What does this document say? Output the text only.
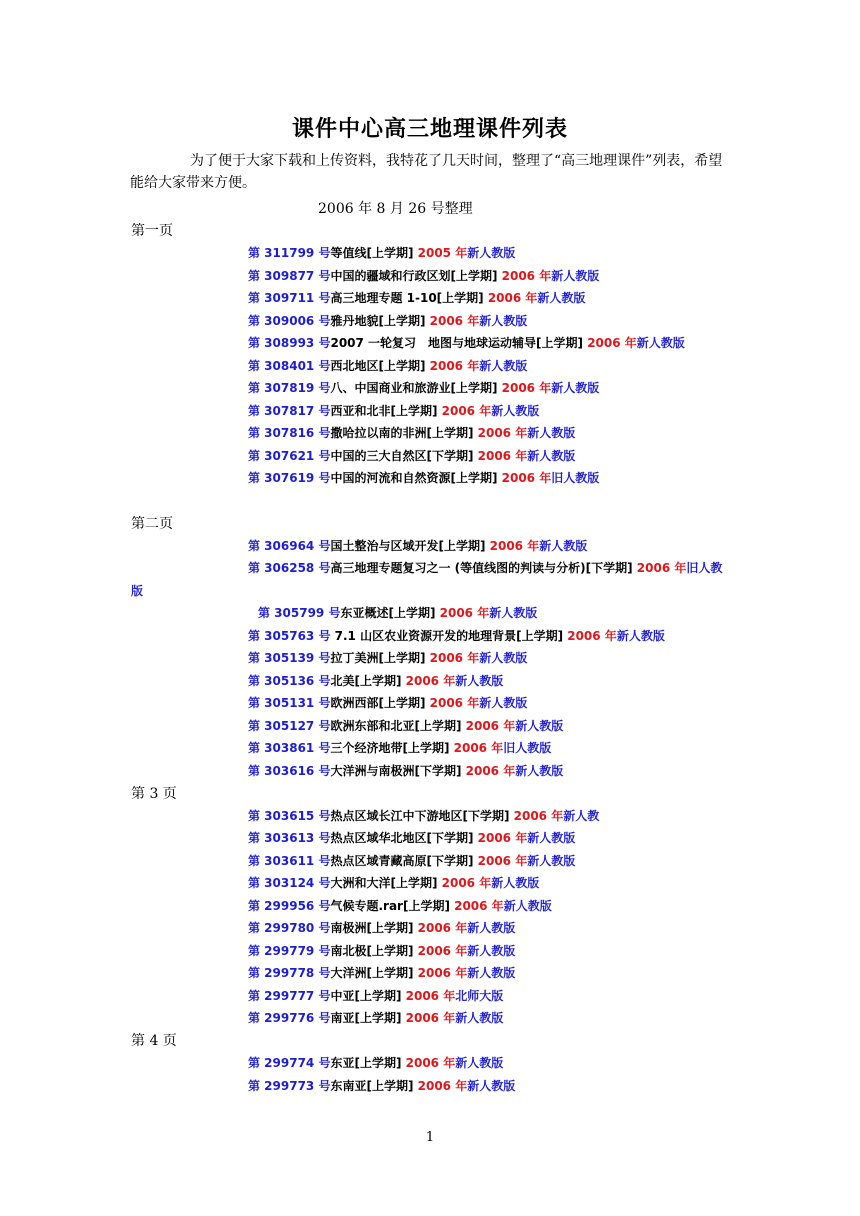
课件中心高三地理课件列表
为了便于大家下载和上传资料，我特花了几天时间，整理了“高三地理课件”列表，希望能给大家带来方便。
2006 年 8 月 26 号整理
第一页
第 311799 号等值线[上学期] 2005 年新人教版
第 309877 号中国的疆域和行政区划[上学期] 2006 年新人教版
第 309711 号高三地理专题 1-10[上学期] 2006 年新人教版
第 309006 号雅丹地貌[上学期] 2006 年新人教版
第 308993 号2007 一轮复习　地图与地球运动辅导[上学期] 2006 年新人教版
第 308401 号西北地区[上学期] 2006 年新人教版
第 307819 号八、中国商业和旅游业[上学期] 2006 年新人教版
第 307817 号西亚和北非[上学期] 2006 年新人教版
第 307816 号撒哈拉以南的非洲[上学期] 2006 年新人教版
第 307621 号中国的三大自然区[下学期] 2006 年新人教版
第 307619 号中国的河流和自然资源[上学期] 2006 年旧人教版
第二页
第 306964 号国土整治与区域开发[上学期] 2006 年新人教版
第 306258 号高三地理专题复习之一 (等值线图的判读与分析)[下学期] 2006 年旧人教
版
第 305799 号东亚概述[上学期] 2006 年新人教版
第 305763 号 7.1 山区农业资源开发的地理背景[上学期] 2006 年新人教版
第 305139 号拉丁美洲[上学期] 2006 年新人教版
第 305136 号北美[上学期] 2006 年新人教版
第 305131 号欧洲西部[上学期] 2006 年新人教版
第 305127 号欧洲东部和北亚[上学期] 2006 年新人教版
第 303861 号三个经济地带[上学期] 2006 年旧人教版
第 303616 号大洋洲与南极洲[下学期] 2006 年新人教版
第 3 页
第 303615 号热点区域长江中下游地区[下学期] 2006 年新人教
第 303613 号热点区域华北地区[下学期] 2006 年新人教版
第 303611 号热点区域青藏高原[下学期] 2006 年新人教版
第 303124 号大洲和大洋[上学期] 2006 年新人教版
第 299956 号气候专题.rar[上学期] 2006 年新人教版
第 299780 号南极洲[上学期] 2006 年新人教版
第 299779 号南北极[上学期] 2006 年新人教版
第 299778 号大洋洲[上学期] 2006 年新人教版
第 299777 号中亚[上学期] 2006 年北师大版
第 299776 号南亚[上学期] 2006 年新人教版
第 4 页
第 299774 号东亚[上学期] 2006 年新人教版
第 299773 号东南亚[上学期] 2006 年新人教版
1
